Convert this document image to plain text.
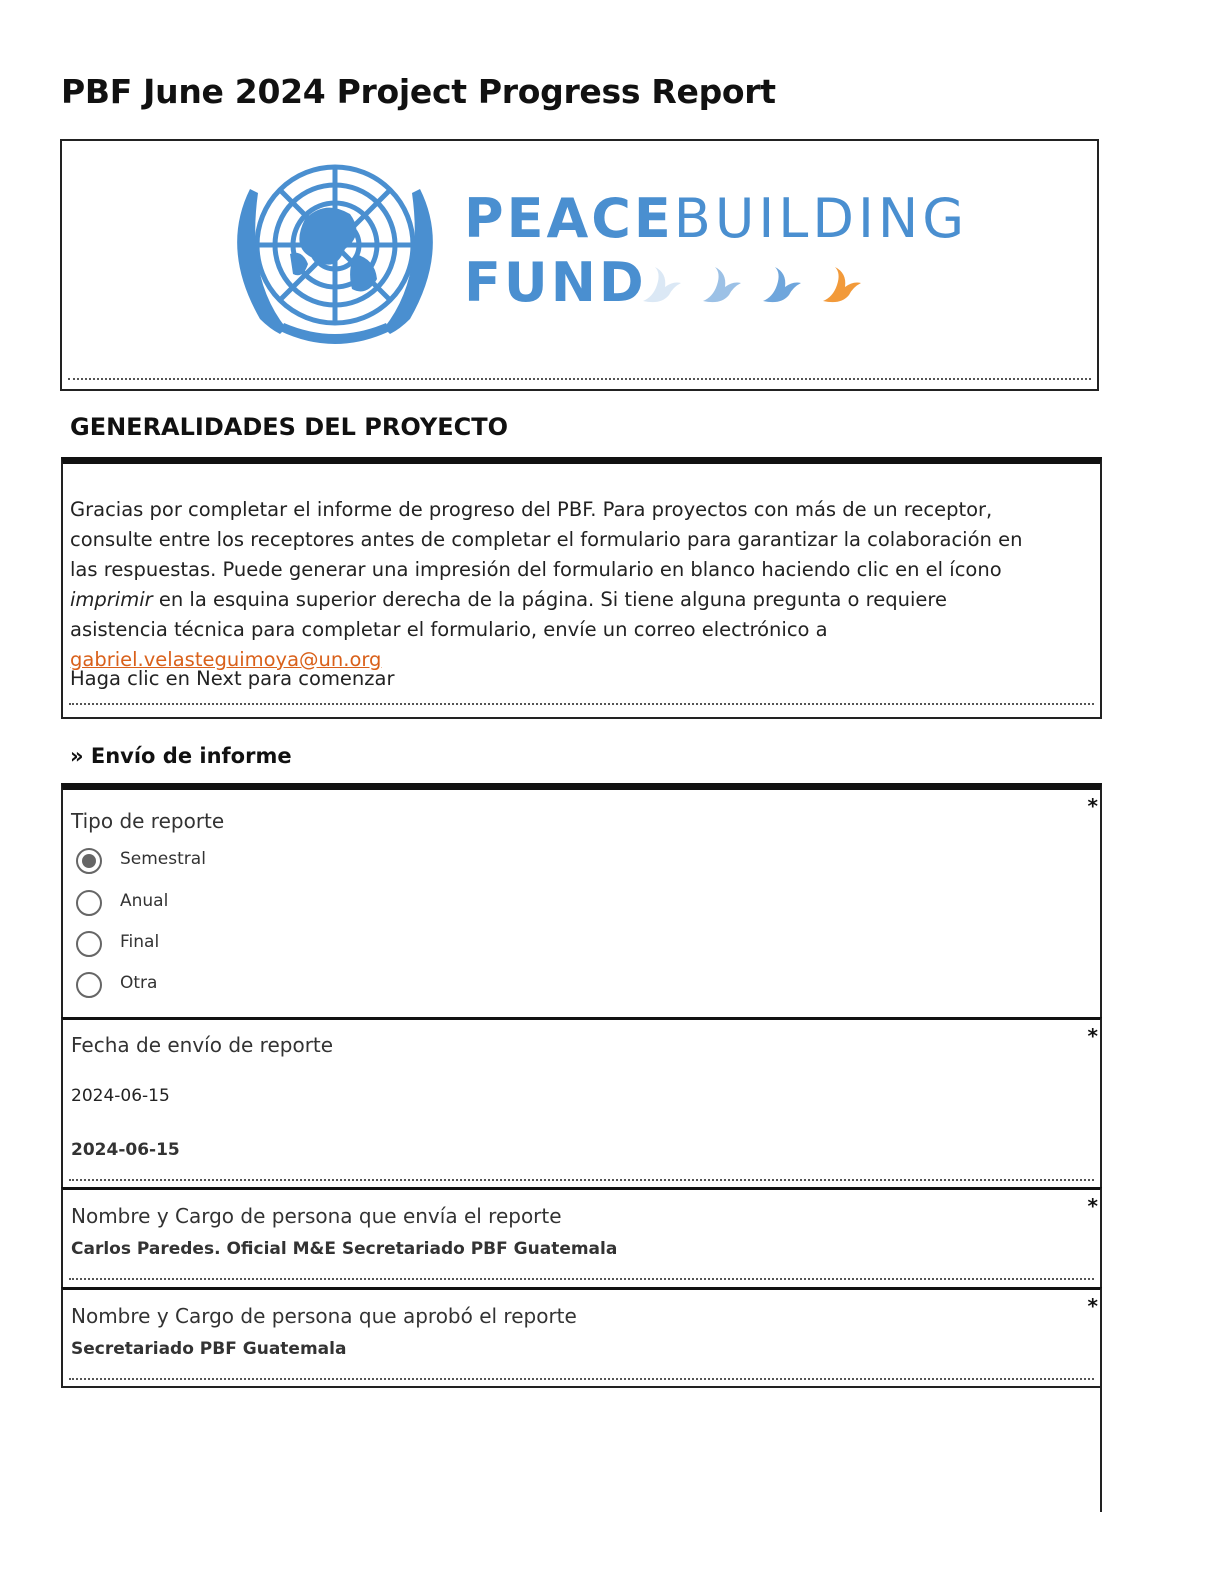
PBF June 2024 Project Progress Report
PEACEBUILDING
FUND
GENERALIDADES DEL PROYECTO

Gracias por completar el informe de progreso del PBF. Para proyectos con más de un receptor, consulte entre los receptores antes de completar el formulario para garantizar la colaboración en las respuestas. Puede generar una impresión del formulario en blanco haciendo clic en el ícono imprimir en la esquina superior derecha de la página. Si tiene alguna pregunta o requiere asistencia técnica para completar el formulario, envíe un correo electrónico a gabriel.velasteguimoya@un.org

Haga clic en Next para comenzar

» Envío de informe
*
Tipo de reporte
Semestral
Anual
Final
Otra
*
Fecha de envío de reporte
2024-06-15
2024-06-15
*
Nombre y Cargo de persona que envía el reporte
Carlos Paredes. Oficial M&E Secretariado PBF Guatemala
*
Nombre y Cargo de persona que aprobó el reporte
Secretariado PBF Guatemala
